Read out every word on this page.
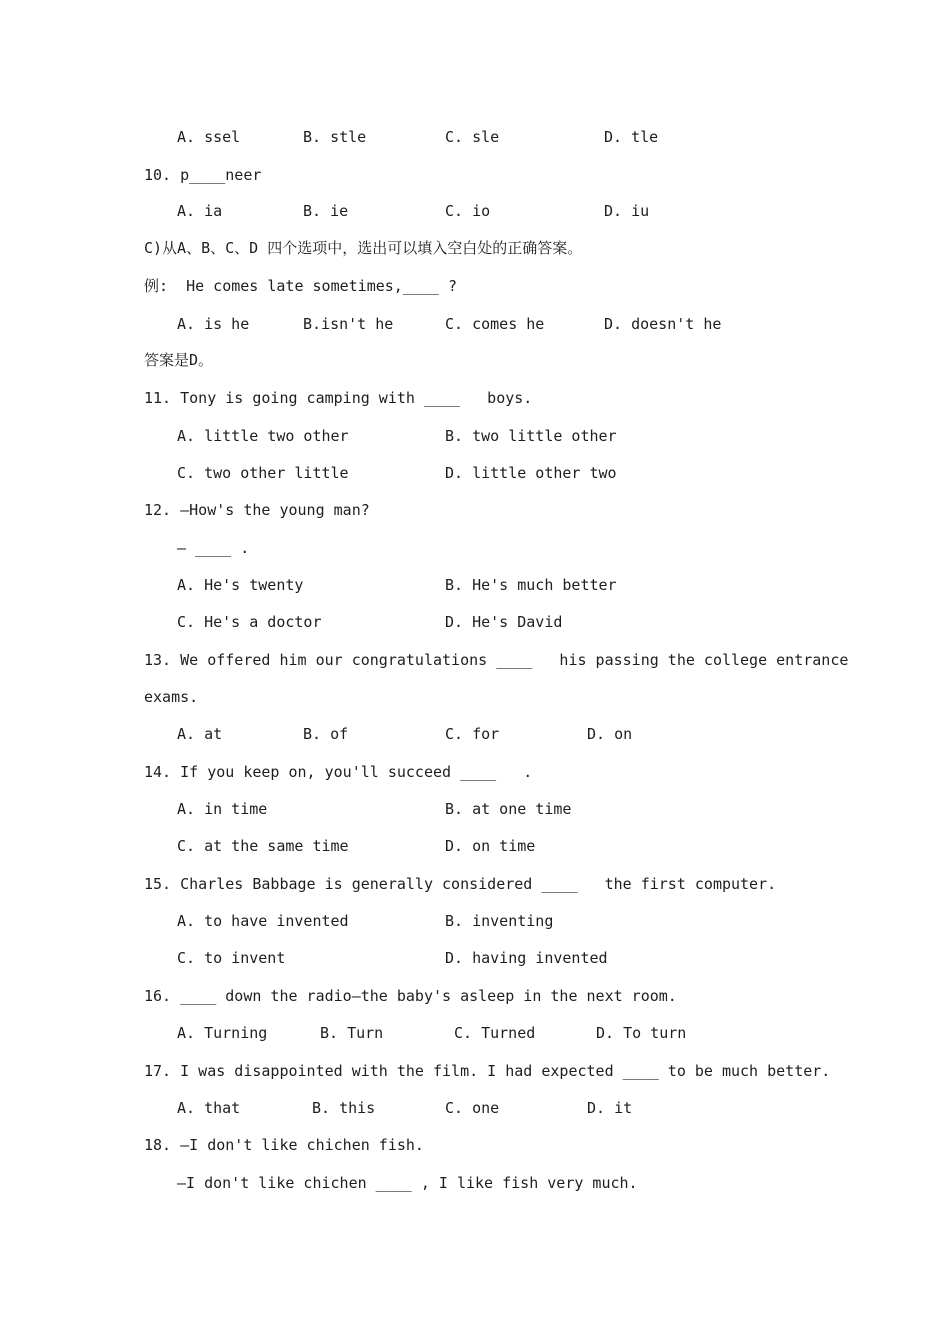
A. ssel	B. stle	C. sle	D. tle
10. p____neer
A. ia	B. ie	C. io	D. iu
C)从A、B、C、D 四个选项中，选出可以填入空白处的正确答案。
例:  He comes late sometimes,____ ?
A. is he	B.isn't he	C. comes he	D. doesn't he
答案是D。
11. Tony is going camping with ____   boys.
A. little two other	B. two little other
C. two other little	D. little other two
12. —How's the young man?
— ____ .
A. He's twenty	B. He's much better
C. He's a doctor	D. He's David
13. We offered him our congratulations ____   his passing the college entrance
exams.
A. at	B. of	C. for	D. on
14. If you keep on, you'll succeed ____   .
A. in time	B. at one time
C. at the same time	D. on time
15. Charles Babbage is generally considered ____   the first computer.
A. to have invented	B. inventing
C. to invent	D. having invented
16. ____ down the radio—the baby's asleep in the next room.
A. Turning	B. Turn	C. Turned	D. To turn
17. I was disappointed with the film. I had expected ____ to be much better.
A. that	B. this	C. one	D. it
18. —I don't like chichen fish.
—I don't like chichen ____ , I like fish very much.
